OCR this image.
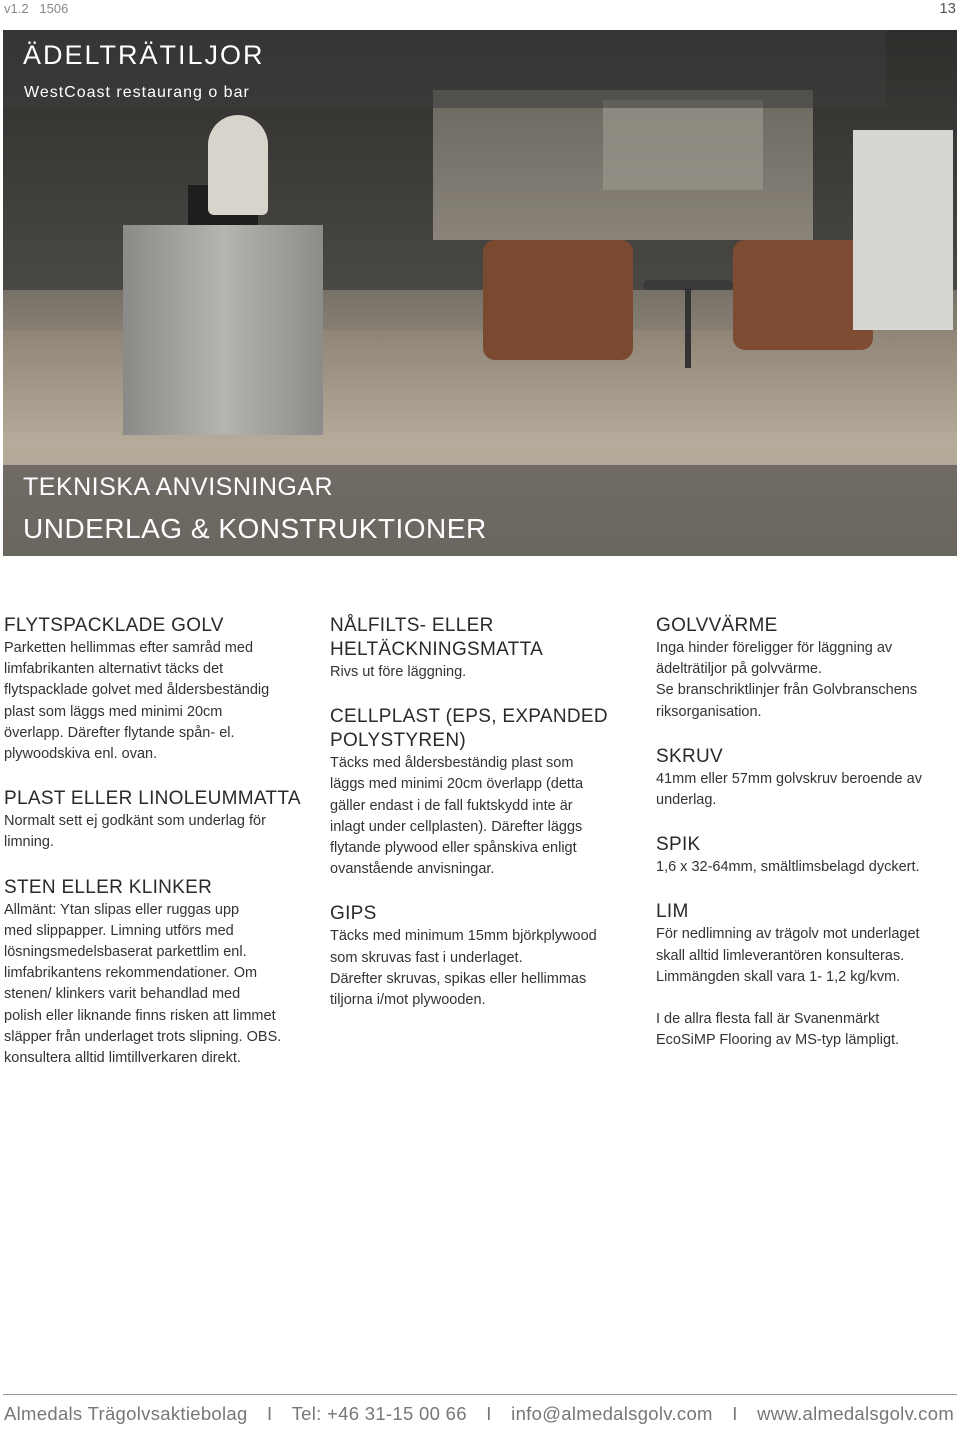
v1.2 1506	13
ÄDELTRÄTILJOR
WestCoast restaurang o bar
TEKNISKA ANVISNINGAR
UNDERLAG & KONSTRUKTIONER
FLYTSPACKLADE GOLV

Parketten hellimmas efter samråd med
limfabrikanten alternativt täcks det
flytspacklade golvet med åldersbeständig
plast som läggs med minimi 20cm
överlapp. Därefter flytande spån- el.
plywoodskiva enl. ovan.

PLAST ELLER LINOLEUMMATTA

Normalt sett ej godkänt som underlag för
limning.

STEN ELLER KLINKER

Allmänt: Ytan slipas eller ruggas upp
med slippapper. Limning utförs med
lösningsmedelsbaserat parkettlim enl.
limfabrikantens rekommendationer. Om
stenen/ klinkers varit behandlad med
polish eller liknande finns risken att limmet
släpper från underlaget trots slipning. OBS.
konsultera alltid limtillverkaren direkt.

NÅLFILTS- ELLER HELTÄCKNINGSMATTA

Rivs ut före läggning.

CELLPLAST (EPS, EXPANDED POLYSTYREN)

Täcks med åldersbeständig plast som
läggs med minimi 20cm överlapp (detta
gäller endast i de fall fuktskydd inte är
inlagt under cellplasten). Därefter läggs
flytande plywood eller spånskiva enligt
ovanstående anvisningar.

GIPS

Täcks med minimum 15mm björkplywood
som skruvas fast i underlaget.
Därefter skruvas, spikas eller hellimmas
tiljorna i/mot plywooden.

GOLVVÄRME

Inga hinder föreligger för läggning av
ädelträtiljor på golvvärme.
Se branschriktlinjer från Golvbranschens
riksorganisation.

SKRUV

41mm eller 57mm golvskruv beroende av
underlag.

SPIK

1,6 x 32-64mm, smältlimsbelagd dyckert.

LIM

För nedlimning av trägolv mot underlaget
skall alltid limleverantören konsulteras.
Limmängden skall vara 1- 1,2 kg/kvm.

I de allra flesta fall är Svanenmärkt
EcoSiMP Flooring av MS-typ lämpligt.

Almedals Trägolvsaktiebolag I Tel: +46 31-15 00 66 I info@almedalsgolv.com I www.almedalsgolv.com
